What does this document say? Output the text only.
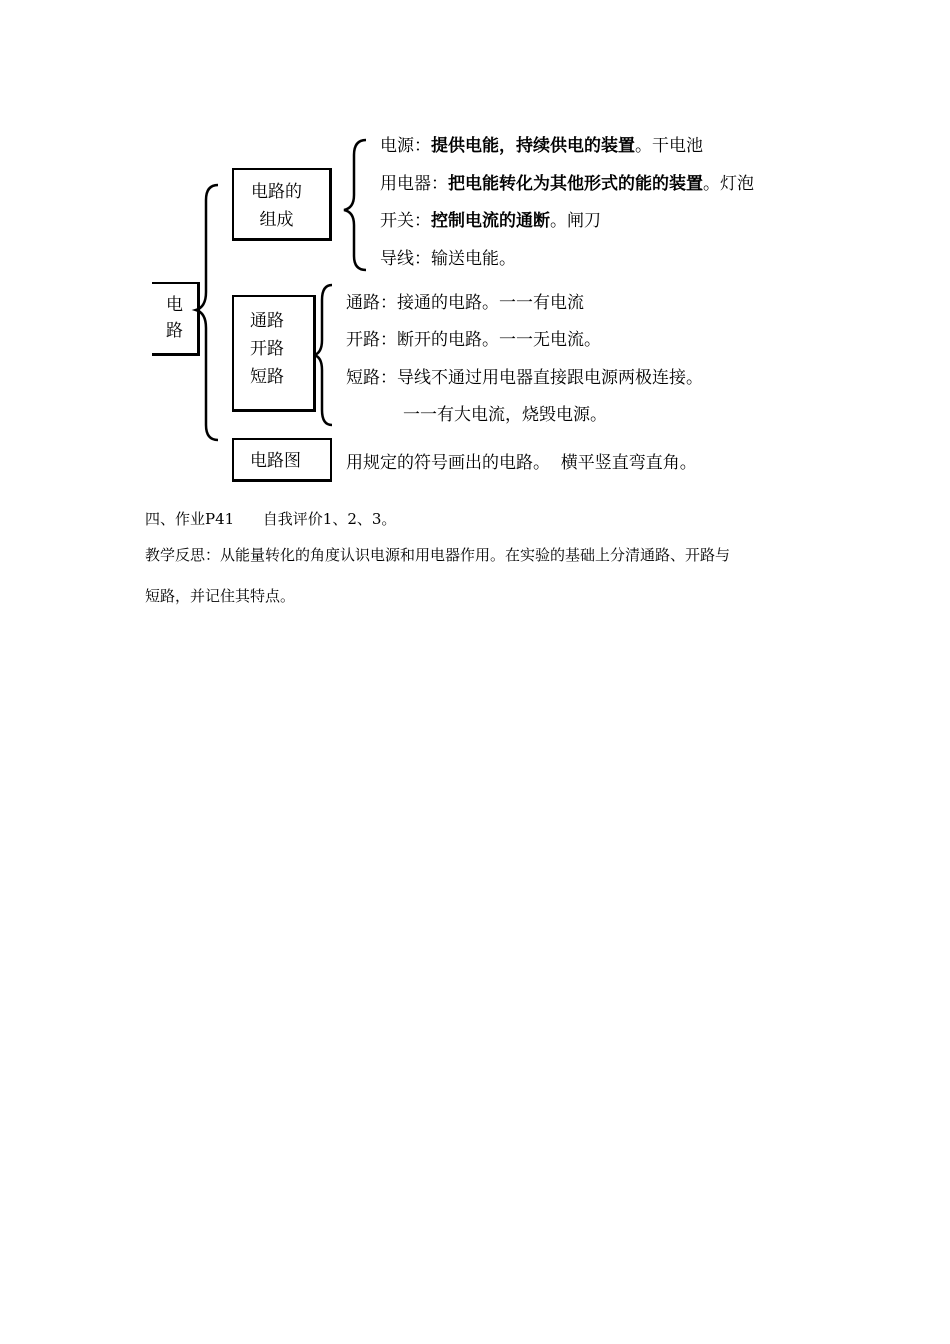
电
路
电路的
组成
电源：提供电能，持续供电的装置。干电池
用电器：把电能转化为其他形式的能的装置。灯泡
开关：控制电流的通断。闸刀
导线：输送电能。
通路
开路
短路
通路：接通的电路。一一有电流
开路：断开的电路。一一无电流。
短路：导线不通过用电器直接跟电源两极连接。
一一有大电流，烧毁电源。
电路图	用规定的符号画出的电路。  横平竖直弯直角。
四、作业P41      自我评价1、2、3。
教学反思：从能量转化的角度认识电源和用电器作用。在实验的基础上分清通路、开路与
短路，并记住其特点。
